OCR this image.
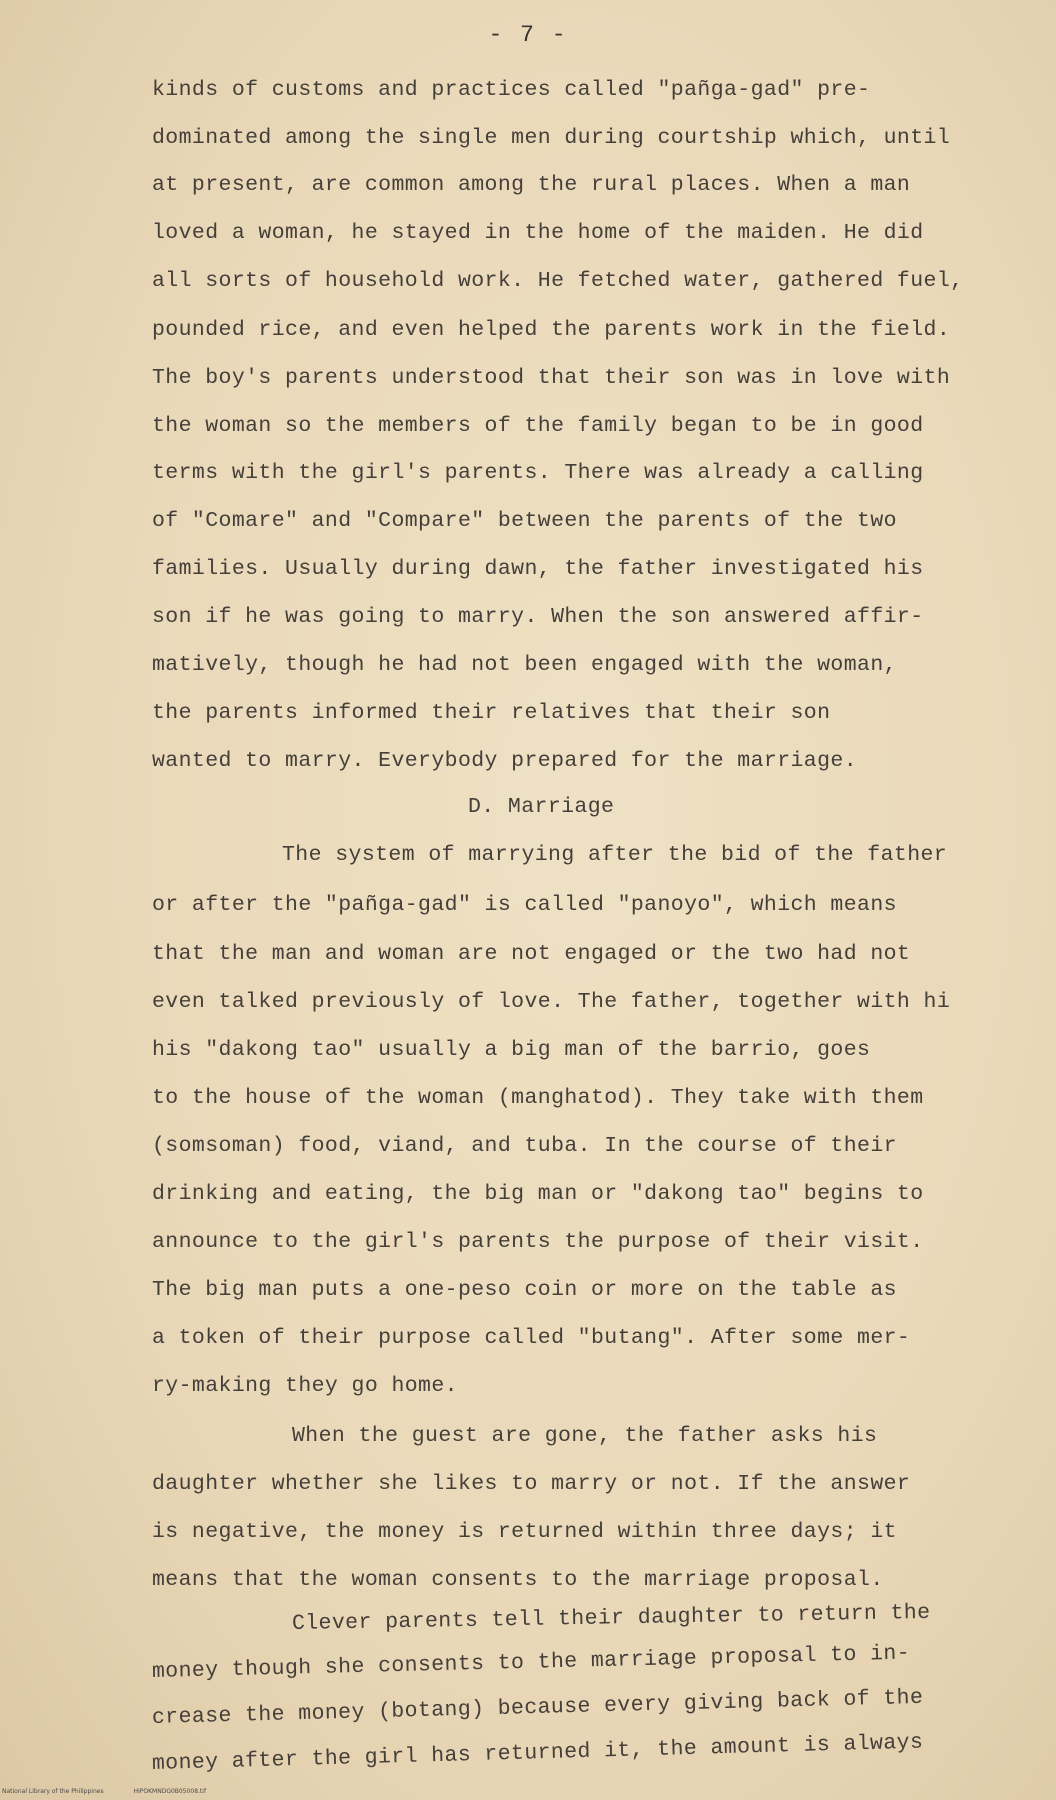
- 7 -
kinds of customs and practices called "pañga-gad" pre-
dominated among the single men during courtship which, until
at present, are common among the rural places. When a man
loved a woman, he stayed in the home of the maiden. He did
all sorts of household work. He fetched water, gathered fuel,
pounded rice, and even helped the parents work in the field.
The boy's parents understood that their son was in love with
the woman so the members of the family began to be in good
terms with the girl's parents. There was already a calling
of "Comare" and "Compare" between the parents of the two
families. Usually during dawn, the father investigated his
son if he was going to marry. When the son answered affir-
matively, though he had not been engaged with the woman,
the parents informed their relatives that their son
wanted to marry. Everybody prepared for the marriage.
D. Marriage
The system of marrying after the bid of the father
or after the "pañga-gad" is called "panoyo", which means
that the man and woman are not engaged or the two had not
even talked previously of love. The father, together with hi
his "dakong tao" usually a big man of the barrio, goes
to the house of the woman (manghatod). They take with them
(somsoman) food, viand, and tuba. In the course of their
drinking and eating, the big man or "dakong tao" begins to
announce to the girl's parents the purpose of their visit.
The big man puts a one-peso coin or more on the table as
a token of their purpose called "butang". After some mer-
ry-making they go home.
When the guest are gone, the father asks his
daughter whether she likes to marry or not. If the answer
is negative, the money is returned within three days; it
means that the woman consents to the marriage proposal.
Clever parents tell their daughter to return the
money though she consents to the marriage proposal to in-
crease the money (botang) because every giving back of the
money after the girl has returned it, the amount is always
National Library of the Philippines	HIPOKMNDG0B05008.tif
